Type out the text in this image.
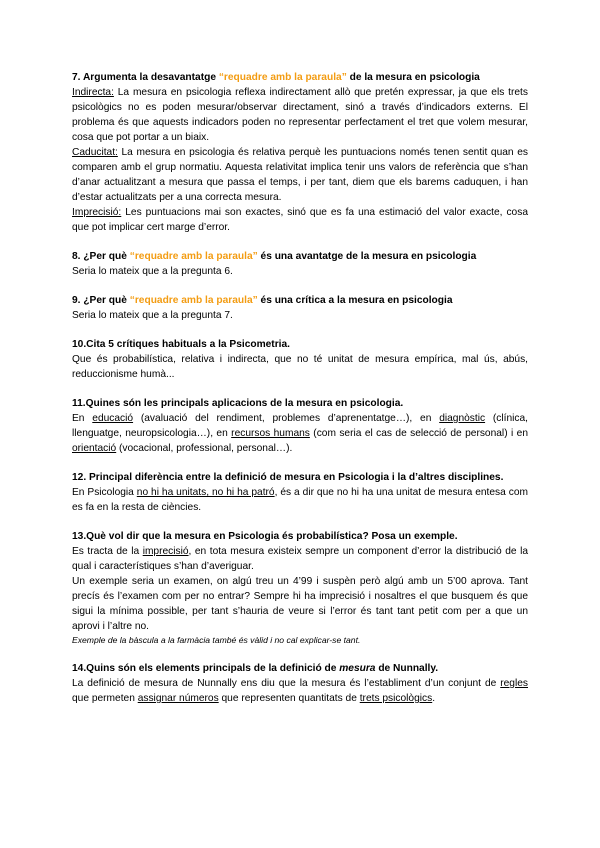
7. Argumenta la desavantatge “requadre amb la paraula” de la mesura en psicologia

Indirecta: La mesura en psicologia reflexa indirectament allò que pretén expressar, ja que els trets psicològics no es poden mesurar/observar directament, sinó a través d’indicadors externs. El problema és que aquests indicadors poden no representar perfectament el tret que volem mesurar, cosa que pot portar a un biaix.

Caducitat: La mesura en psicologia és relativa perquè les puntuacions només tenen sentit quan es comparen amb el grup normatiu. Aquesta relativitat implica tenir uns valors de referència que s’han d’anar actualitzant a mesura que passa el temps, i per tant, diem que els barems caduquen, i han d’estar actualitzats per a una correcta mesura.

Imprecisió: Les puntuacions mai son exactes, sinó que es fa una estimació del valor exacte, cosa que pot implicar cert marge d’error.

8. ¿Per què “requadre amb la paraula” és una avantatge de la mesura en psicologia

Seria lo mateix que a la pregunta 6.

9. ¿Per què “requadre amb la paraula” és una crítica a la mesura en psicologia

Seria lo mateix que a la pregunta 7.

10.Cita 5 crítiques habituals a la Psicometria.

Que és probabilística, relativa i indirecta, que no té unitat de mesura empírica, mal ús, abús, reduccionisme humà...

11.Quines són les principals aplicacions de la mesura en psicologia.

En educació (avaluació del rendiment, problemes d’aprenentatge…), en diagnòstic (clínica, llenguatge, neuropsicologia…), en recursos humans (com seria el cas de selecció de personal) i en orientació (vocacional, professional, personal…).

12. Principal diferència entre la definició de mesura en Psicologia i la d’altres disciplines.

En Psicologia no hi ha unitats, no hi ha patró, és a dir que no hi ha una unitat de mesura entesa com es fa en la resta de ciències.

13.Què vol dir que la mesura en Psicologia és probabilística? Posa un exemple.

Es tracta de la imprecisió, en tota mesura existeix sempre un component d’error la distribució de la qual i característiques s’han d’averiguar.

Un exemple seria un examen, on algú treu un 4’99 i suspèn però algú amb un 5’00 aprova. Tant precís és l’examen com per no entrar? Sempre hi ha imprecisió i nosaltres el que busquem és que sigui la mínima possible, per tant s’hauria de veure si l’error és tant tant petit com per a que un aprovi i l’altre no.

Exemple de la bàscula a la farmàcia també és vàlid i no cal explicar-se tant.

14.Quins són els elements principals de la definició de mesura de Nunnally.

La definició de mesura de Nunnally ens diu que la mesura és l’establiment d’un conjunt de regles que permeten assignar números que representen quantitats de trets psicològics.
